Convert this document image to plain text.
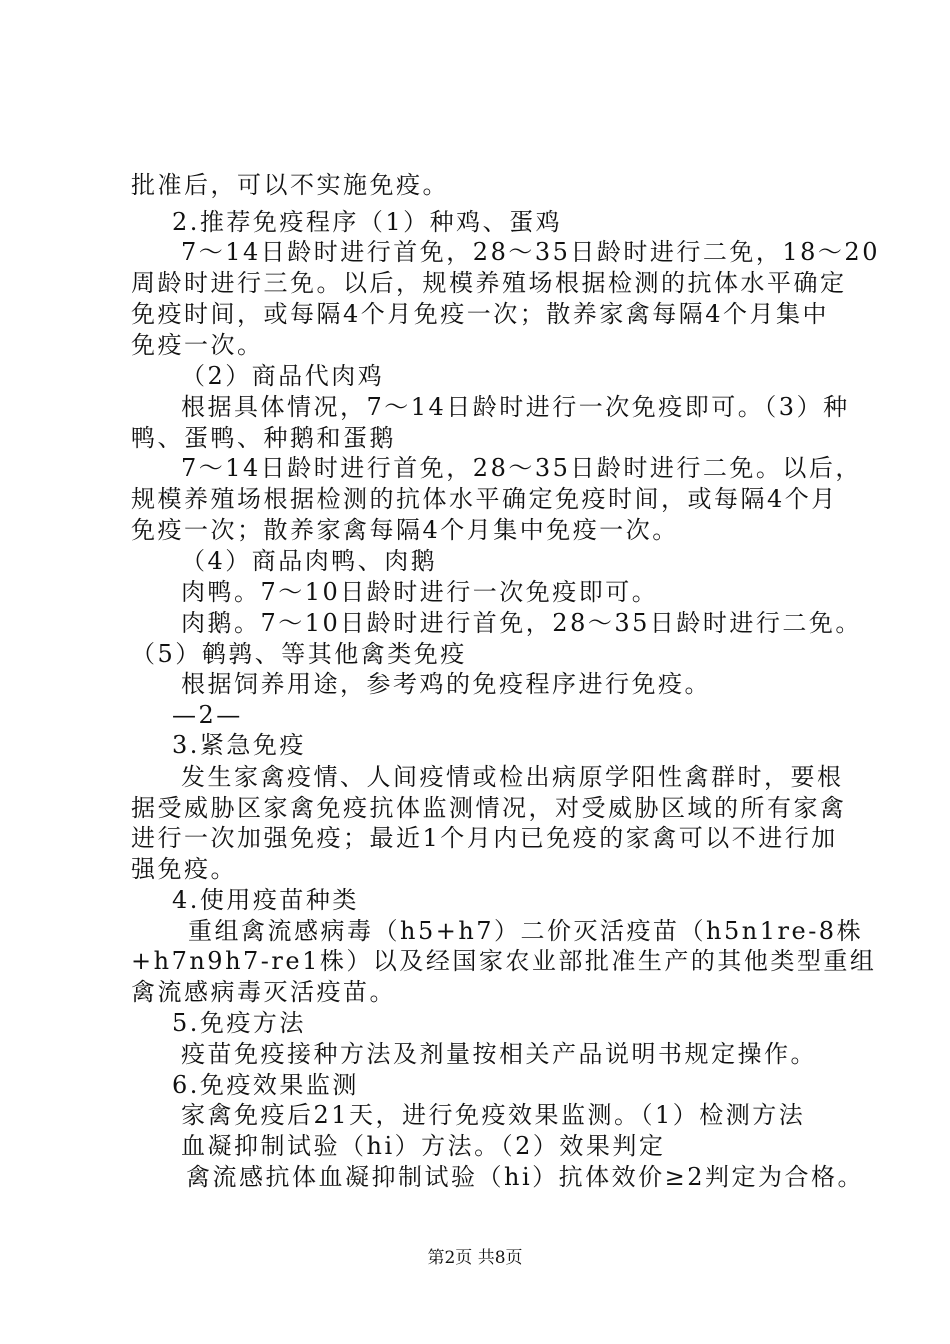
批准后，可以不实施免疫。
2.推荐免疫程序（1）种鸡、蛋鸡
7～14日龄时进行首免，28～35日龄时进行二免，18～20
周龄时进行三免。以后，规模养殖场根据检测的抗体水平确定
免疫时间，或每隔4个月免疫一次；散养家禽每隔4个月集中
免疫一次。
（2）商品代肉鸡
根据具体情况，7～14日龄时进行一次免疫即可。（3）种
鸭、蛋鸭、种鹅和蛋鹅
7～14日龄时进行首免，28～35日龄时进行二免。以后，
规模养殖场根据检测的抗体水平确定免疫时间，或每隔4个月
免疫一次；散养家禽每隔4个月集中免疫一次。
（4）商品肉鸭、肉鹅
肉鸭。7～10日龄时进行一次免疫即可。
肉鹅。7～10日龄时进行首免，28～35日龄时进行二免。
（5）鹌鹑、等其他禽类免疫
根据饲养用途，参考鸡的免疫程序进行免疫。
—2—
3.紧急免疫
发生家禽疫情、人间疫情或检出病原学阳性禽群时，要根
据受威胁区家禽免疫抗体监测情况，对受威胁区域的所有家禽
进行一次加强免疫；最近1个月内已免疫的家禽可以不进行加
强免疫。
4.使用疫苗种类
重组禽流感病毒（h5+h7）二价灭活疫苗（h5n1re-8株
+h7n9h7-re1株）以及经国家农业部批准生产的其他类型重组
禽流感病毒灭活疫苗。
5.免疫方法
疫苗免疫接种方法及剂量按相关产品说明书规定操作。
6.免疫效果监测
家禽免疫后21天，进行免疫效果监测。（1）检测方法
血凝抑制试验（hi）方法。（2）效果判定
禽流感抗体血凝抑制试验（hi）抗体效价≥2判定为合格。
第2页 共8页
